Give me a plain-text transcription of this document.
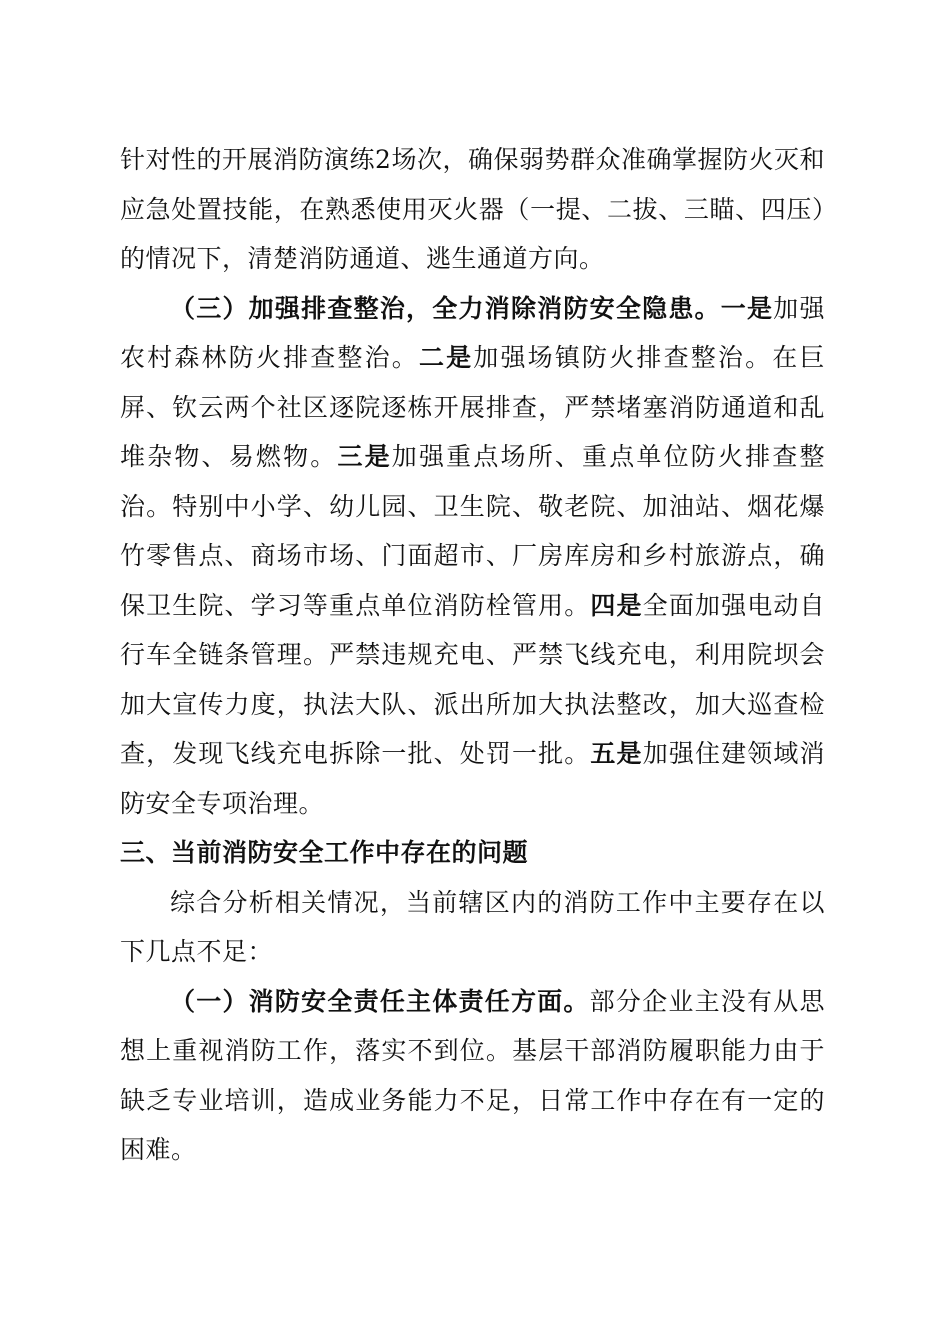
针对性的开展消防演练2场次，确保弱势群众准确掌握防火灭和应急处置技能，在熟悉使用灭火器（一提、二拔、三瞄、四压）的情况下，清楚消防通道、逃生通道方向。

（三）加强排查整治，全力消除消防安全隐患。一是加强农村森林防火排查整治。二是加强场镇防火排查整治。在巨屏、钦云两个社区逐院逐栋开展排查，严禁堵塞消防通道和乱堆杂物、易燃物。三是加强重点场所、重点单位防火排查整治。特别中小学、幼儿园、卫生院、敬老院、加油站、烟花爆竹零售点、商场市场、门面超市、厂房库房和乡村旅游点，确保卫生院、学习等重点单位消防栓管用。四是全面加强电动自行车全链条管理。严禁违规充电、严禁飞线充电，利用院坝会加大宣传力度，执法大队、派出所加大执法整改，加大巡查检查，发现飞线充电拆除一批、处罚一批。五是加强住建领域消防安全专项治理。

三、当前消防安全工作中存在的问题

综合分析相关情况，当前辖区内的消防工作中主要存在以下几点不足：

（一）消防安全责任主体责任方面。部分企业主没有从思想上重视消防工作，落实不到位。基层干部消防履职能力由于缺乏专业培训，造成业务能力不足，日常工作中存在有一定的困难。
